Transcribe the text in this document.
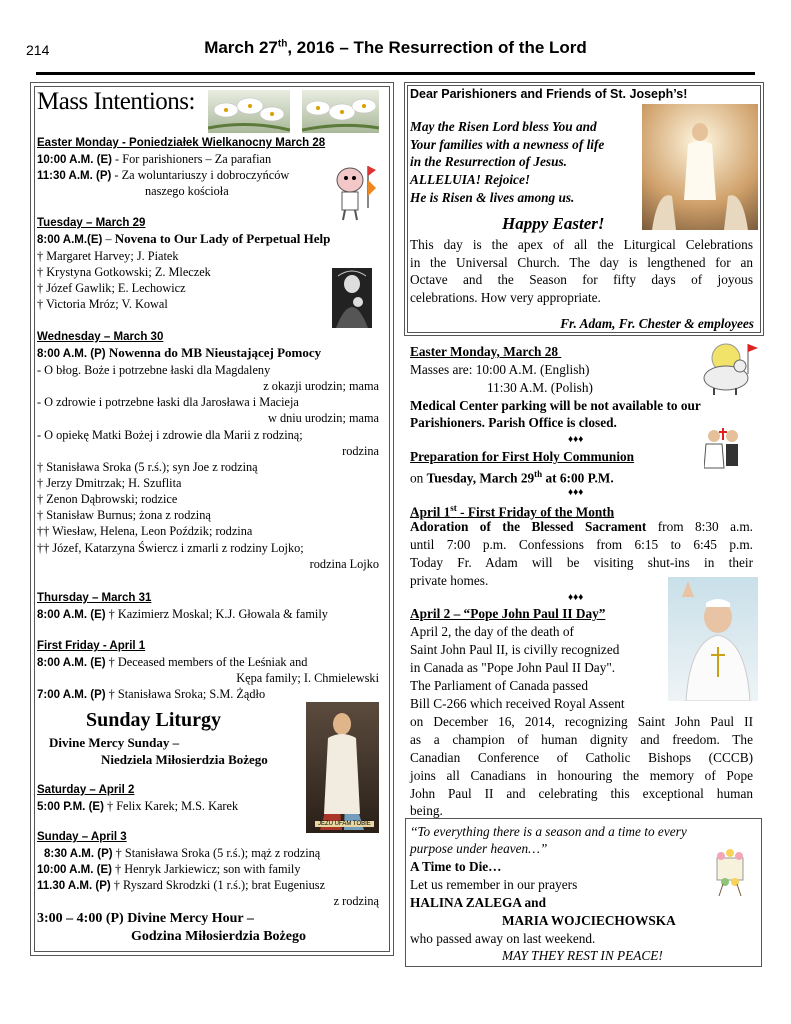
214	March 27th, 2016 – The Resurrection of the Lord
Mass Intentions:
Easter Monday - Poniedziałek Wielkanocny March 28
10:00 A.M. (E) - For parishioners – Za parafian
11:30 A.M. (P) - Za woluntariuszy i dobroczyńców
naszego kościoła
Tuesday – March 29
8:00 A.M.(E) – Novena to Our Lady of Perpetual Help
† Margaret Harvey; J. Piatek
† Krystyna Gotkowski; Z. Mleczek
† Józef Gawlik; E. Lechowicz
† Victoria Mróz; V. Kowal
Wednesday – March 30
8:00 A.M. (P) Nowenna do MB Nieustającej Pomocy
- O błog. Boże i potrzebne łaski dla Magdaleny
z okazji urodzin; mama
- O zdrowie i potrzebne łaski dla Jarosława i Macieja
w dniu urodzin; mama
- O opiekę Matki Bożej i zdrowie dla Marii z rodziną;
rodzina
† Stanisława Sroka (5 r.ś.); syn Joe z rodziną
† Jerzy Dmitrzak; H. Szuflita
† Zenon Dąbrowski; rodzice
† Stanisław Burnus; żona z rodziną
†† Wiesław, Helena, Leon Poździk; rodzina
†† Józef, Katarzyna Świercz i zmarli z rodziny Lojko;
rodzina Lojko
Thursday – March 31
8:00 A.M. (E) † Kazimierz Moskal; K.J. Głowala & family
First Friday - April 1
8:00 A.M. (E) † Deceased members of the Leśniak and
Kępa family; I. Chmielewski
7:00 A.M. (P) † Stanisława Sroka; S.M. Żądło
Sunday Liturgy
Divine Mercy Sunday –
Niedziela Miłosierdzia Bożego
JEZU UFAM TOBIE
Saturday – April 2
5:00 P.M. (E) † Felix Karek; M.S. Karek
Sunday – April 3
8:30 A.M. (P) † Stanisława Sroka (5 r.ś.); mąż z rodziną
10:00 A.M. (E) † Henryk Jarkiewicz; son with family
11.30 A.M. (P) † Ryszard Skrodzki (1 r.ś.); brat Eugeniusz
z rodziną
3:00 – 4:00 (P) Divine Mercy Hour –
Godzina Miłosierdzia Bożego
Dear Parishioners and Friends of St. Joseph’s!
May the Risen Lord bless You and
Your families with a newness of life
in the Resurrection of Jesus.
ALLELUIA! Rejoice!
He is Risen & lives among us.
Happy Easter!
This day is the apex of all the Liturgical Celebrations
in the Universal Church. The day is lengthened for an
Octave and the Season for fifty days of joyous
celebrations. How very appropriate.
Fr. Adam, Fr. Chester & employees
Easter Monday, March 28
Masses are: 10:00 A.M. (English)
11:30 A.M. (Polish)
Medical Center parking will be not available to our
Parishioners. Parish Office is closed.
♦♦♦
Preparation for First Holy Communion
on Tuesday, March 29th at 6:00 P.M.
♦♦♦
April 1st - First Friday of the Month
Adoration of the Blessed Sacrament from 8:30 a.m.
until 7:00 p.m. Confessions from 6:15 to 6:45 p.m.
Today Fr. Adam will be visiting shut-ins in their
private homes.
♦♦♦
April 2 – “Pope John Paul II Day”
April 2, the day of the death of
Saint John Paul II, is civilly recognized
in Canada as "Pope John Paul II Day".
The Parliament of Canada passed
Bill C-266 which received Royal Assent
on December 16, 2014, recognizing Saint John Paul II
as a champion of human dignity and freedom. The
Canadian Conference of Catholic Bishops (CCCB)
joins all Canadians in honouring the memory of Pope
John Paul II and celebrating this exceptional human
being.
‘‘To everything there is a season and a time to every
purpose under heaven…”
A Time to Die…
Let us remember in our prayers
HALINA ZALEGA and
MARIA WOJCIECHOWSKA
who passed away on last weekend.
MAY THEY REST IN PEACE!
